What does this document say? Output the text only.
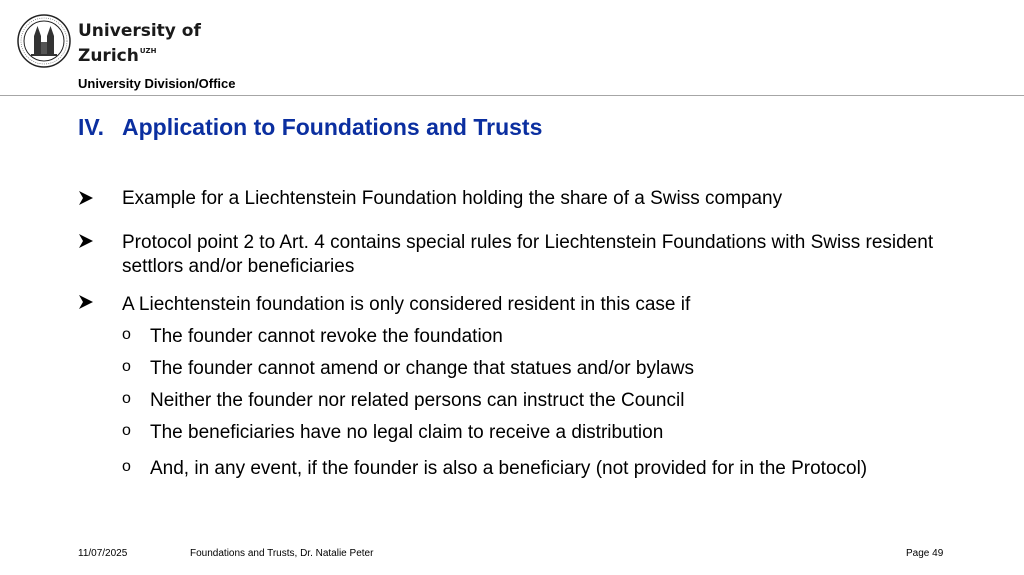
University of
Zurich$^{UZH}$
University Division/Office
IV. Application to Foundations and Trusts
Example for a Liechtenstein Foundation holding the share of a Swiss company
Protocol point 2 to Art. 4 contains special rules for Liechtenstein Foundations with Swiss resident settlors and/or beneficiaries
A Liechtenstein foundation is only considered resident in this case if
o The founder cannot revoke the foundation
o The founder cannot amend or change that statues and/or bylaws
o Neither the founder nor related persons can instruct the Council
o The beneficiaries have no legal claim to receive a distribution
o And, in any event, if the founder is also a beneficiary (not provided for in the Protocol)
11/07/2025	Foundations and Trusts, Dr. Natalie Peter	Page 49
